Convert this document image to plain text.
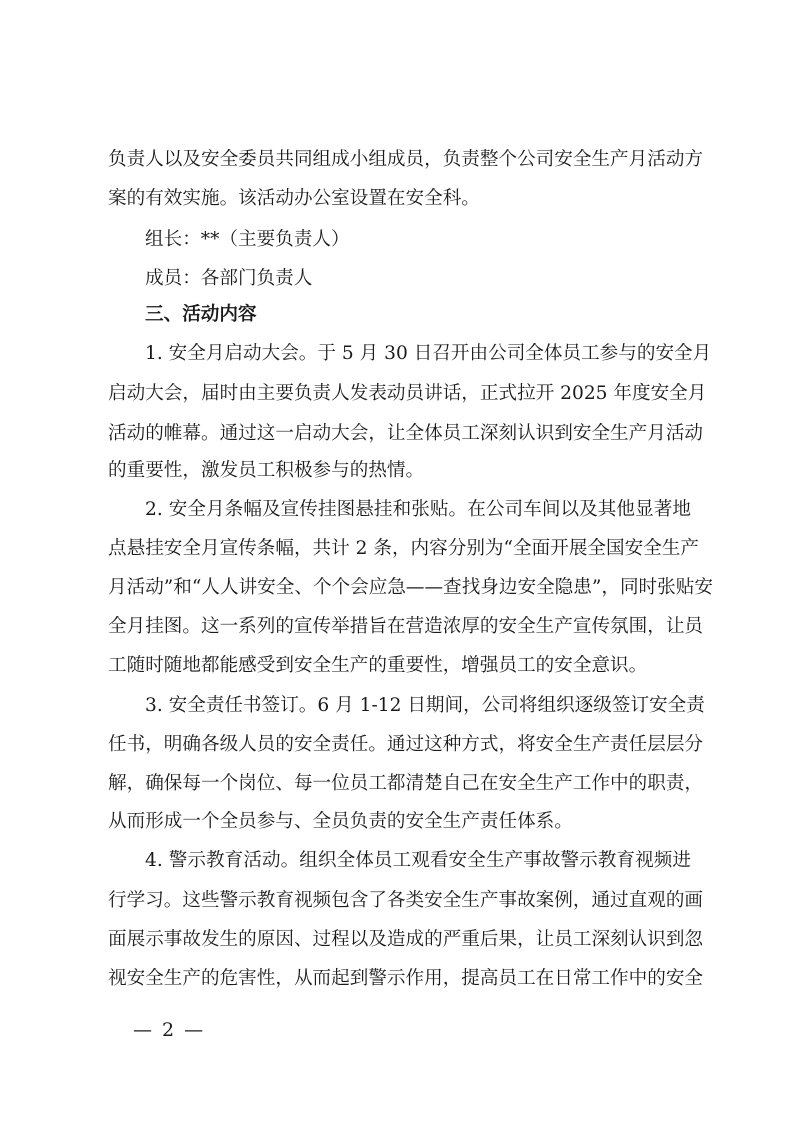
负责人以及安全委员共同组成小组成员，负责整个公司安全生产月活动方
案的有效实施。该活动办公室设置在安全科。
组长：**（主要负责人）
成员：各部门负责人
三、活动内容
1. 安全月启动大会。于 5 月 30 日召开由公司全体员工参与的安全月
启动大会，届时由主要负责人发表动员讲话，正式拉开 2025 年度安全月
活动的帷幕。通过这一启动大会，让全体员工深刻认识到安全生产月活动
的重要性，激发员工积极参与的热情。
2. 安全月条幅及宣传挂图悬挂和张贴。在公司车间以及其他显著地
点悬挂安全月宣传条幅，共计 2 条，内容分别为“全面开展全国安全生产
月活动”和“人人讲安全、个个会应急——查找身边安全隐患”，同时张贴安
全月挂图。这一系列的宣传举措旨在营造浓厚的安全生产宣传氛围，让员
工随时随地都能感受到安全生产的重要性，增强员工的安全意识。
3. 安全责任书签订。6 月 1-12 日期间，公司将组织逐级签订安全责
任书，明确各级人员的安全责任。通过这种方式，将安全生产责任层层分
解，确保每一个岗位、每一位员工都清楚自己在安全生产工作中的职责，
从而形成一个全员参与、全员负责的安全生产责任体系。
4. 警示教育活动。组织全体员工观看安全生产事故警示教育视频进
行学习。这些警示教育视频包含了各类安全生产事故案例，通过直观的画
面展示事故发生的原因、过程以及造成的严重后果，让员工深刻认识到忽
视安全生产的危害性，从而起到警示作用，提高员工在日常工作中的安全
— 2 —
